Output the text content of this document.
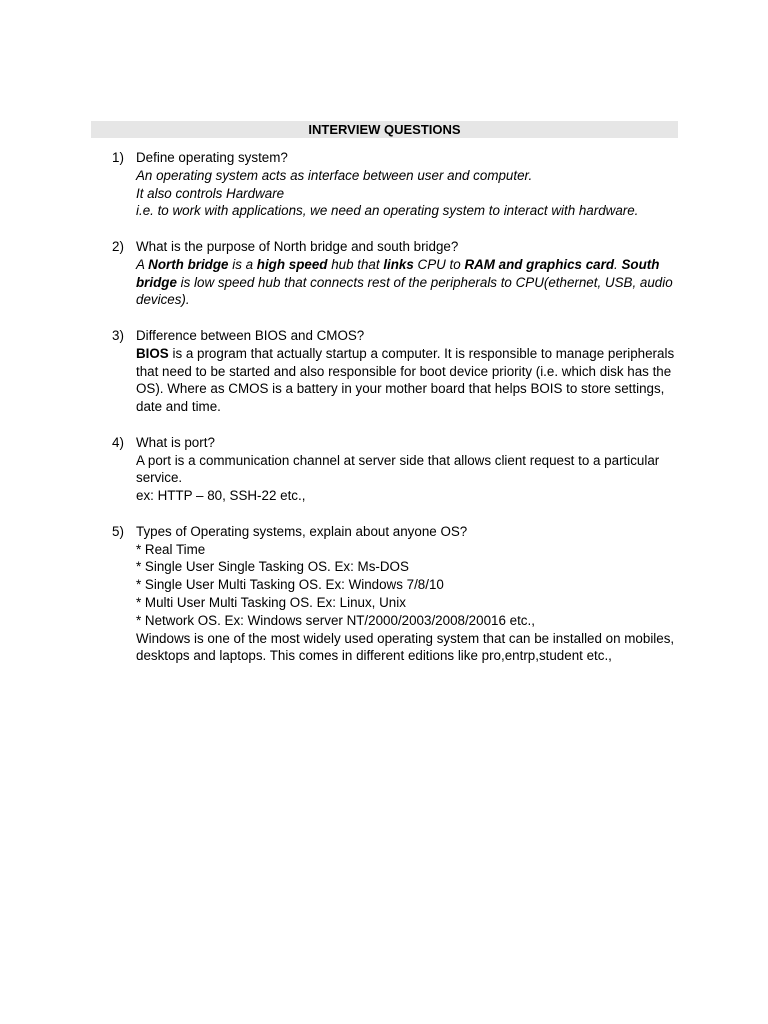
INTERVIEW QUESTIONS
1) Define operating system?
An operating system acts as interface between user and computer.
It also controls Hardware
i.e. to work with applications, we need an operating system to interact with hardware.
2) What is the purpose of North bridge and south bridge?
A North bridge is a high speed hub that links CPU to RAM and graphics card. South bridge is low speed hub that connects rest of the peripherals to CPU(ethernet, USB, audio devices).
3) Difference between BIOS and CMOS?
BIOS is a program that actually startup a computer. It is responsible to manage peripherals that need to be started and also responsible for boot device priority (i.e. which disk has the OS). Where as CMOS is a battery in your mother board that helps BOIS to store settings, date and time.
4) What is port?
A port is a communication channel at server side that allows client request to a particular service.
ex: HTTP – 80, SSH-22 etc.,
5) Types of Operating systems, explain about anyone OS?
* Real Time
* Single User Single Tasking OS. Ex: Ms-DOS
* Single User Multi Tasking OS. Ex: Windows 7/8/10
* Multi User Multi Tasking OS. Ex: Linux, Unix
* Network OS. Ex: Windows server NT/2000/2003/2008/20016 etc.,
Windows is one of the most widely used operating system that can be installed on mobiles, desktops and laptops. This comes in different editions like pro,entrp,student etc.,
